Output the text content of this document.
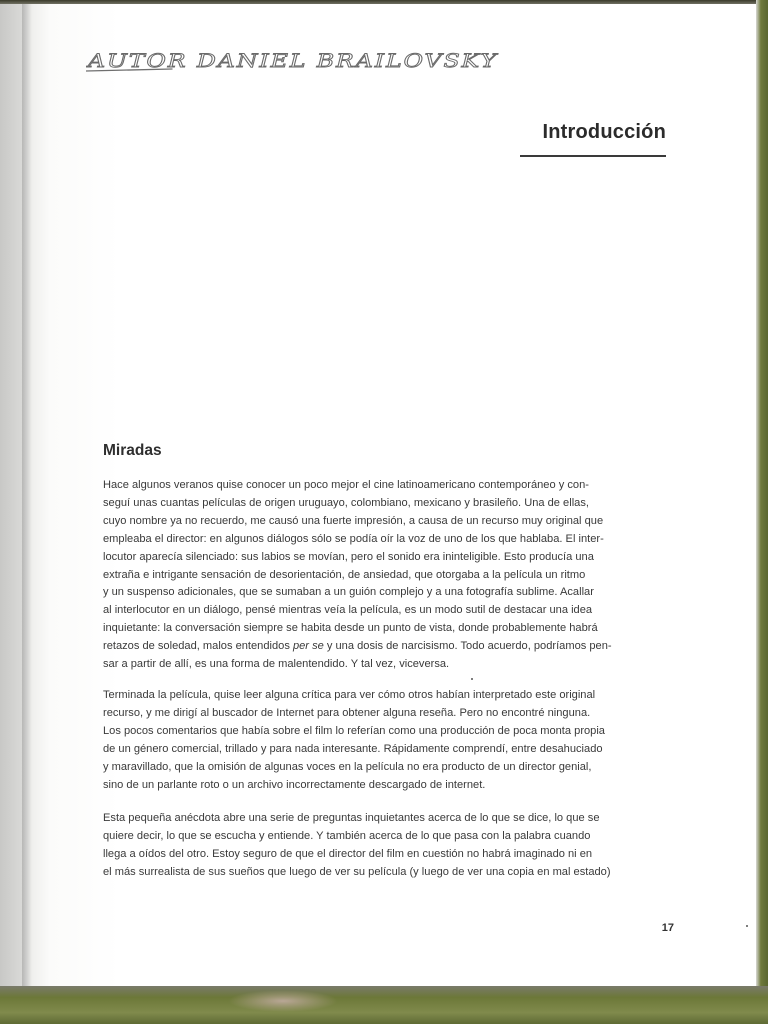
AUTOR DANIEL BRAILOVSKY
Introducción
Miradas

Hace algunos veranos quise conocer un poco mejor el cine latinoamericano contemporáneo y con-
seguí unas cuantas películas de origen uruguayo, colombiano, mexicano y brasileño. Una de ellas,
cuyo nombre ya no recuerdo, me causó una fuerte impresión, a causa de un recurso muy original que
empleaba el director: en algunos diálogos sólo se podía oír la voz de uno de los que hablaba. El inter-
locutor aparecía silenciado: sus labios se movían, pero el sonido era ininteligible. Esto producía una
extraña e intrigante sensación de desorientación, de ansiedad, que otorgaba a la película un ritmo
y un suspenso adicionales, que se sumaban a un guión complejo y a una fotografía sublime. Acallar
al interlocutor en un diálogo, pensé mientras veía la película, es un modo sutil de destacar una idea
inquietante: la conversación siempre se habita desde un punto de vista, donde probablemente habrá
retazos de soledad, malos entendidos per se y una dosis de narcisismo. Todo acuerdo, podríamos pen-
sar a partir de allí, es una forma de malentendido. Y tal vez, viceversa.

Terminada la película, quise leer alguna crítica para ver cómo otros habían interpretado este original
recurso, y me dirigí al buscador de Internet para obtener alguna reseña. Pero no encontré ninguna.
Los pocos comentarios que había sobre el film lo referían como una producción de poca monta propia
de un género comercial, trillado y para nada interesante. Rápidamente comprendí, entre desahuciado
y maravillado, que la omisión de algunas voces en la película no era producto de un director genial,
sino de un parlante roto o un archivo incorrectamente descargado de internet.

Esta pequeña anécdota abre una serie de preguntas inquietantes acerca de lo que se dice, lo que se
quiere decir, lo que se escucha y entiende. Y también acerca de lo que pasa con la palabra cuando
llega a oídos del otro. Estoy seguro de que el director del film en cuestión no habrá imaginado ni en
el más surrealista de sus sueños que luego de ver su película (y luego de ver una copia en mal estado)

17
